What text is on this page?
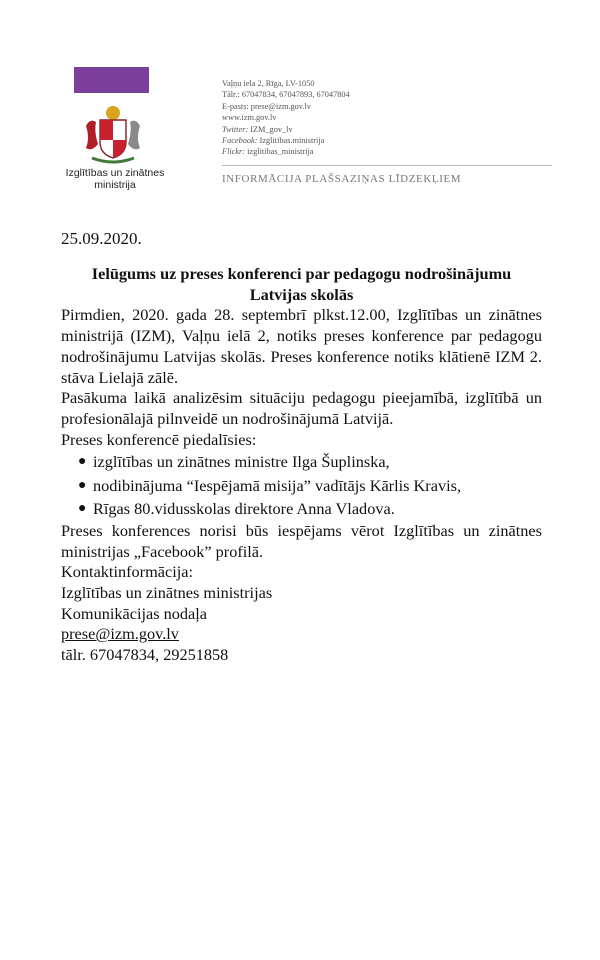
Izglītības un zinātnes
ministrija
Vaļņu iela 2, Rīga, LV-1050
Tālr.: 67047834, 67047893, 67047804
E-pasts: prese@izm.gov.lv
www.izm.gov.lv
Twitter: IZM_gov_lv
Facebook: Izglitibas.ministrija
Flickr: izglitibas_ministrija
INFORMĀCIJA PLAŠSAZIŅAS LĪDZEKĻIEM
25.09.2020.
Ielūgums uz preses konferenci par pedagogu nodrošinājumu
Latvijas skolās

Pirmdien, 2020. gada 28. septembrī plkst.12.00, Izglītības un zinātnes ministrijā (IZM), Vaļņu ielā 2, notiks preses konference par pedagogu nodrošinājumu Latvijas skolās. Preses konference notiks klātienē IZM 2. stāva Lielajā zālē.

Pasākuma laikā analizēsim situāciju pedagogu pieejamībā, izglītībā un profesionālajā pilnveidē un nodrošinājumā Latvijā.

Preses konferencē piedalīsies:

● izglītības un zinātnes ministre Ilga Šuplinska,
● nodibinājuma “Iespējamā misija” vadītājs Kārlis Kravis,
● Rīgas 80.vidusskolas direktore Anna Vladova.

Preses konferences norisi būs iespējams vērot Izglītības un zinātnes ministrijas „Facebook” profilā.

Kontaktinformācija:
Izglītības un zinātnes ministrijas
Komunikācijas nodaļa
prese@izm.gov.lv
tālr. 67047834, 29251858
